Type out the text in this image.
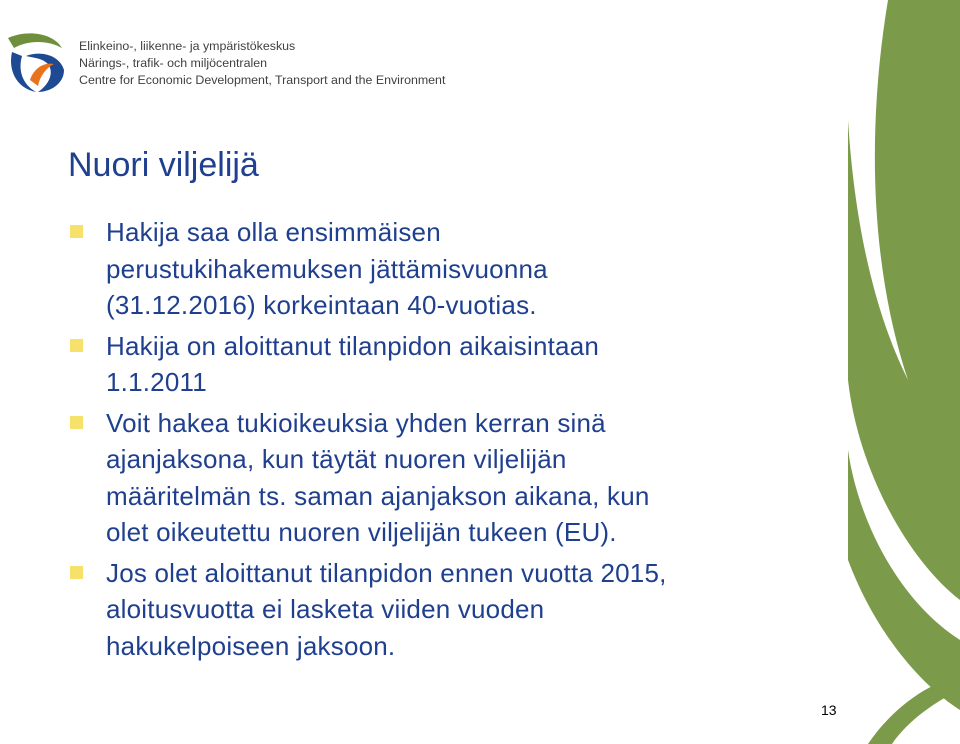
Elinkeino-, liikenne- ja ympäristökeskus
Närings-, trafik- och miljöcentralen
Centre for Economic Development, Transport and the Environment
Nuori viljelijä
Hakija saa olla ensimmäisen
perustukihakemuksen jättämisvuonna
(31.12.2016) korkeintaan 40-vuotias.
Hakija on aloittanut tilanpidon aikaisintaan
1.1.2011
Voit hakea tukioikeuksia yhden kerran sinä
ajanjaksona, kun täytät nuoren viljelijän
määritelmän ts. saman ajanjakson aikana, kun
olet oikeutettu nuoren viljelijän tukeen (EU).
Jos olet aloittanut tilanpidon ennen vuotta 2015,
aloitusvuotta ei lasketa viiden vuoden
hakukelpoiseen jaksoon.
13
